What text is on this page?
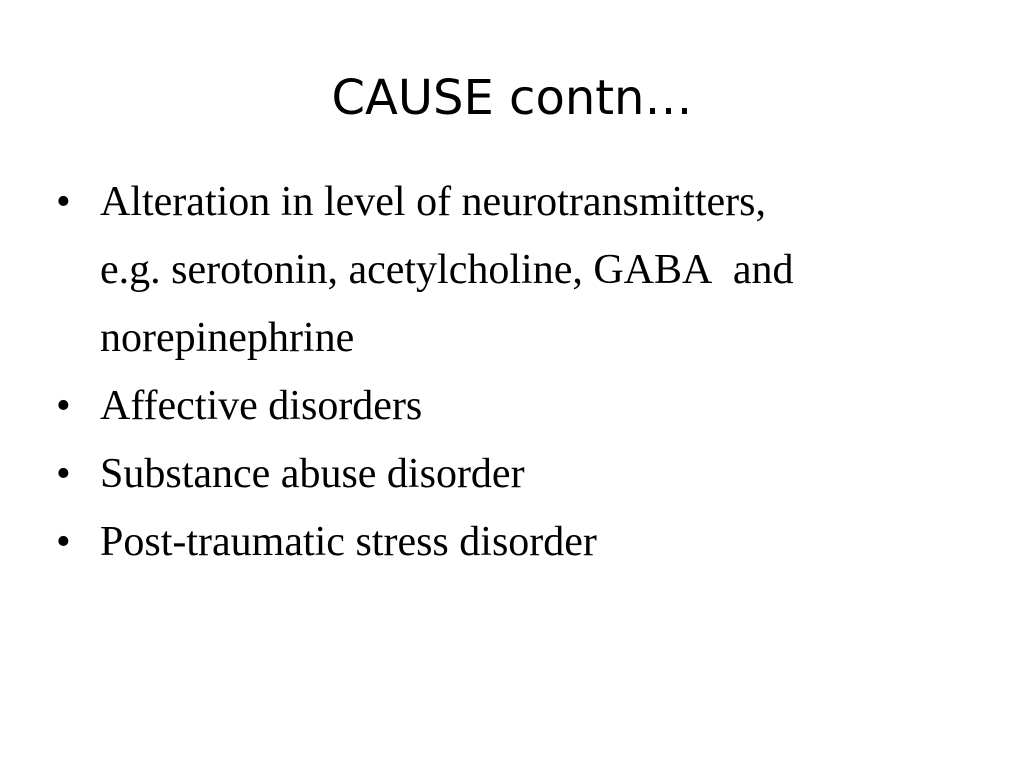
CAUSE contn…
• Alteration in level of neurotransmitters,
e.g. serotonin, acetylcholine, GABA and
norepinephrine
• Affective disorders
• Substance abuse disorder
• Post-traumatic stress disorder
